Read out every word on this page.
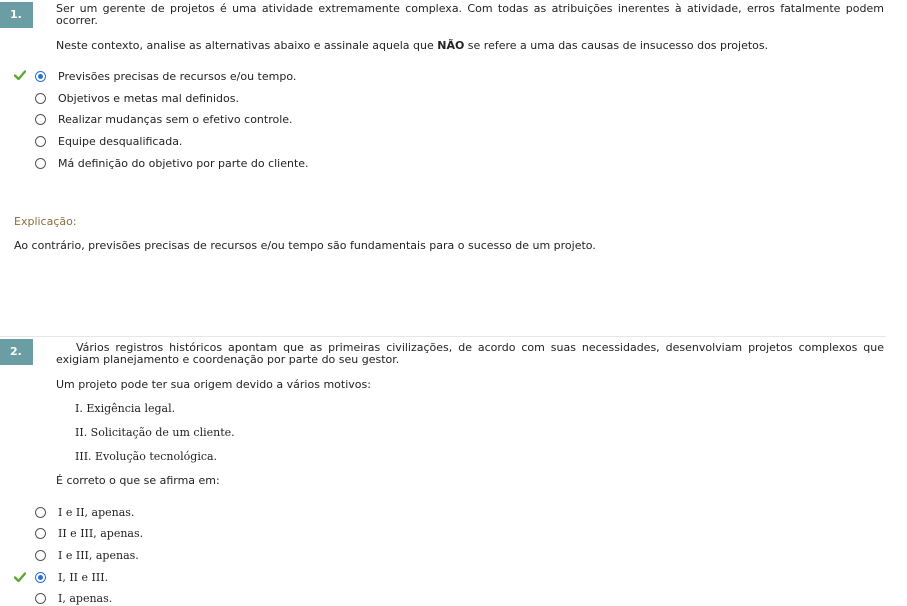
1.	Ser um gerente de projetos é uma atividade extremamente complexa. Com todas as atribuições inerentes à atividade, erros fatalmente podem ocorrer.

Neste contexto, analise as alternativas abaixo e assinale aquela que NÃO se refere a uma das causas de insucesso dos projetos.

Previsões precisas de recursos e/ou tempo.
Objetivos e metas mal definidos.
Realizar mudanças sem o efetivo controle.
Equipe desqualificada.
Má definição do objetivo por parte do cliente.
Explicação:
Ao contrário, previsões precisas de recursos e/ou tempo são fundamentais para o sucesso de um projeto.
2.	Vários registros históricos apontam que as primeiras civilizações, de acordo com suas necessidades, desenvolviam projetos complexos que exigiam planejamento e coordenação por parte do seu gestor.

Um projeto pode ter sua origem devido a vários motivos:

I. Exigência legal.

II. Solicitação de um cliente.

III. Evolução tecnológica.

É correto o que se afirma em:

I e II, apenas.
II e III, apenas.
I e III, apenas.
I, II e III.
I, apenas.
